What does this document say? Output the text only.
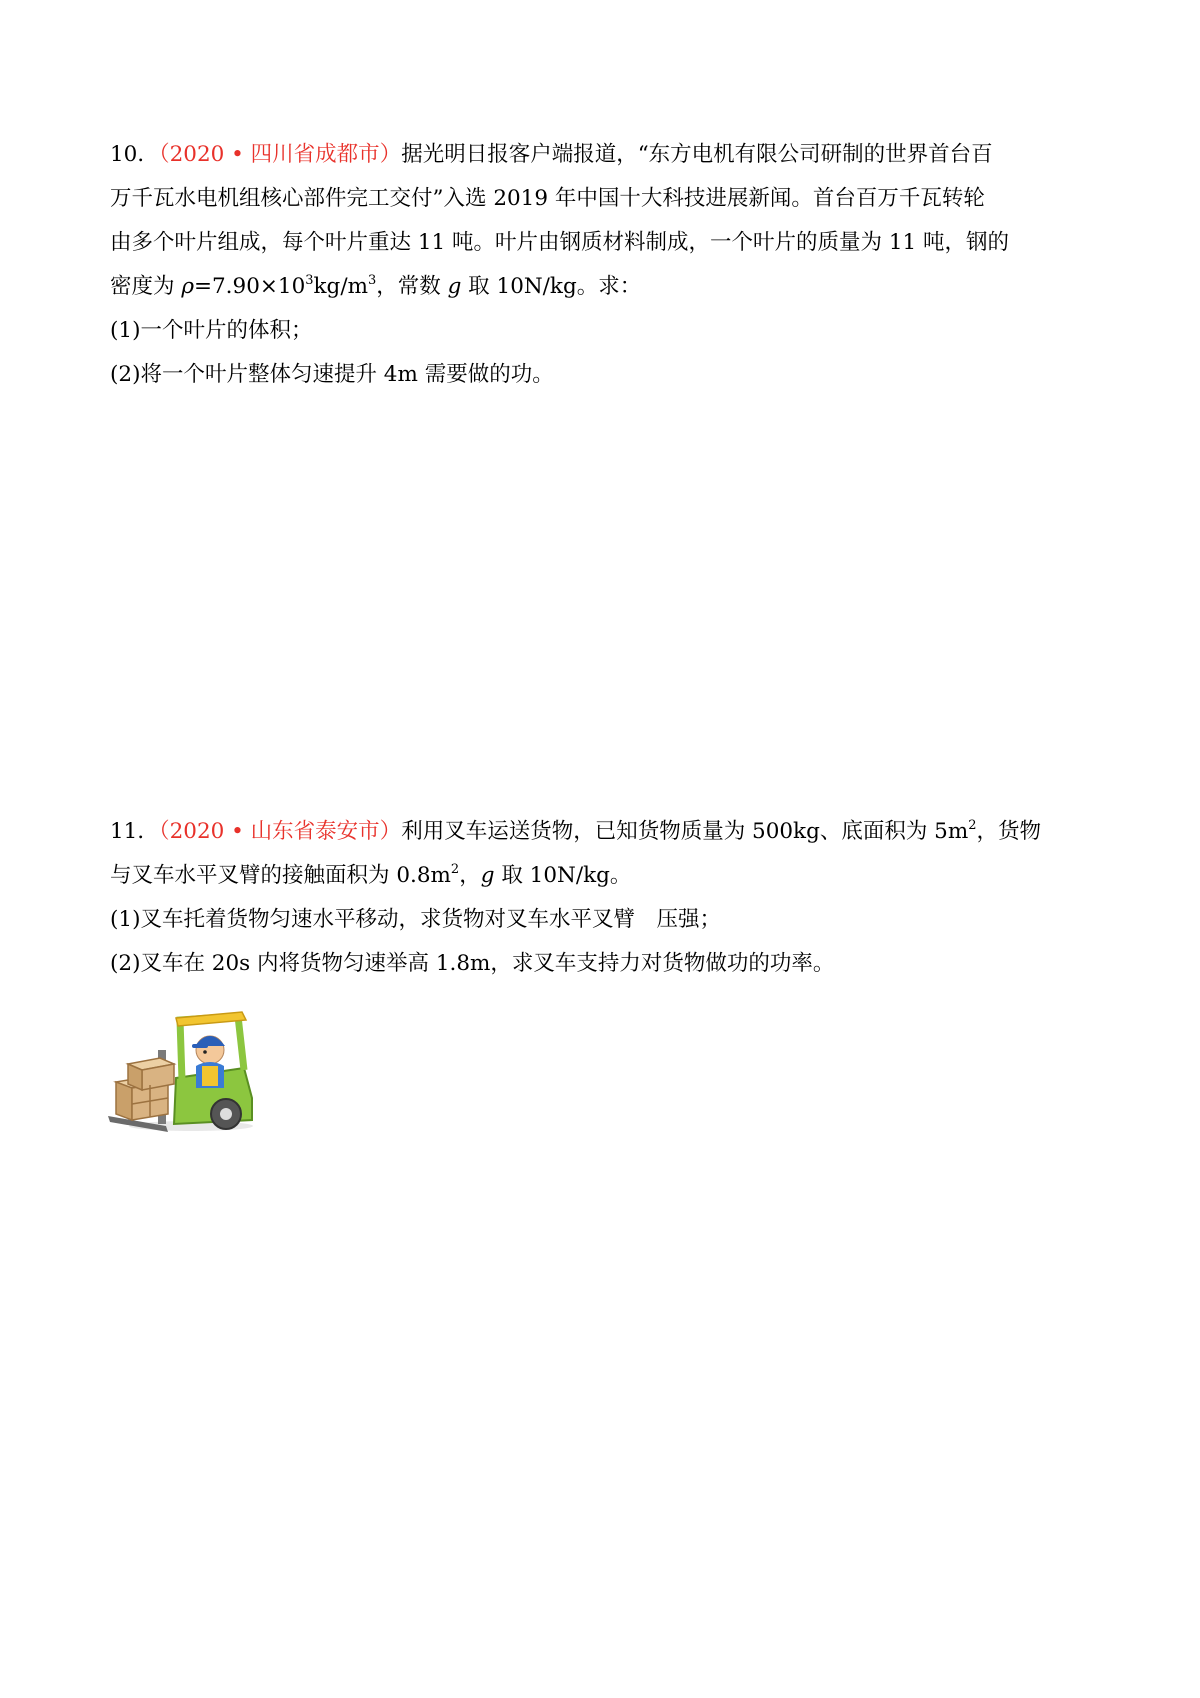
10．（2020 • 四川省成都市）据光明日报客户端报道，“东方电机有限公司研制的世界首台百
万千瓦水电机组核心部件完工交付”入选 2019 年中国十大科技进展新闻。首台百万千瓦转轮
由多个叶片组成，每个叶片重达 11 吨。叶片由钢质材料制成，一个叶片的质量为 11 吨，钢的
密度为 $\rho=7.90\times 10^3kg/m^3$，常数 g 取 10N/kg。求：
(1)一个叶片的体积；
(2)将一个叶片整体匀速提升 4m 需要做的功。
11．（2020 • 山东省泰安市）利用叉车运送货物，已知货物质量为 500kg、底面积为 $5m^2$，货物
与叉车水平叉臂的接触面积为 $0.8m^2$，g 取 10N/kg。
(1)叉车托着货物匀速水平移动，求货物对叉车水平叉臂　压强；
(2)叉车在 20s 内将货物匀速举高 1.8m，求叉车支持力对货物做功的功率。
